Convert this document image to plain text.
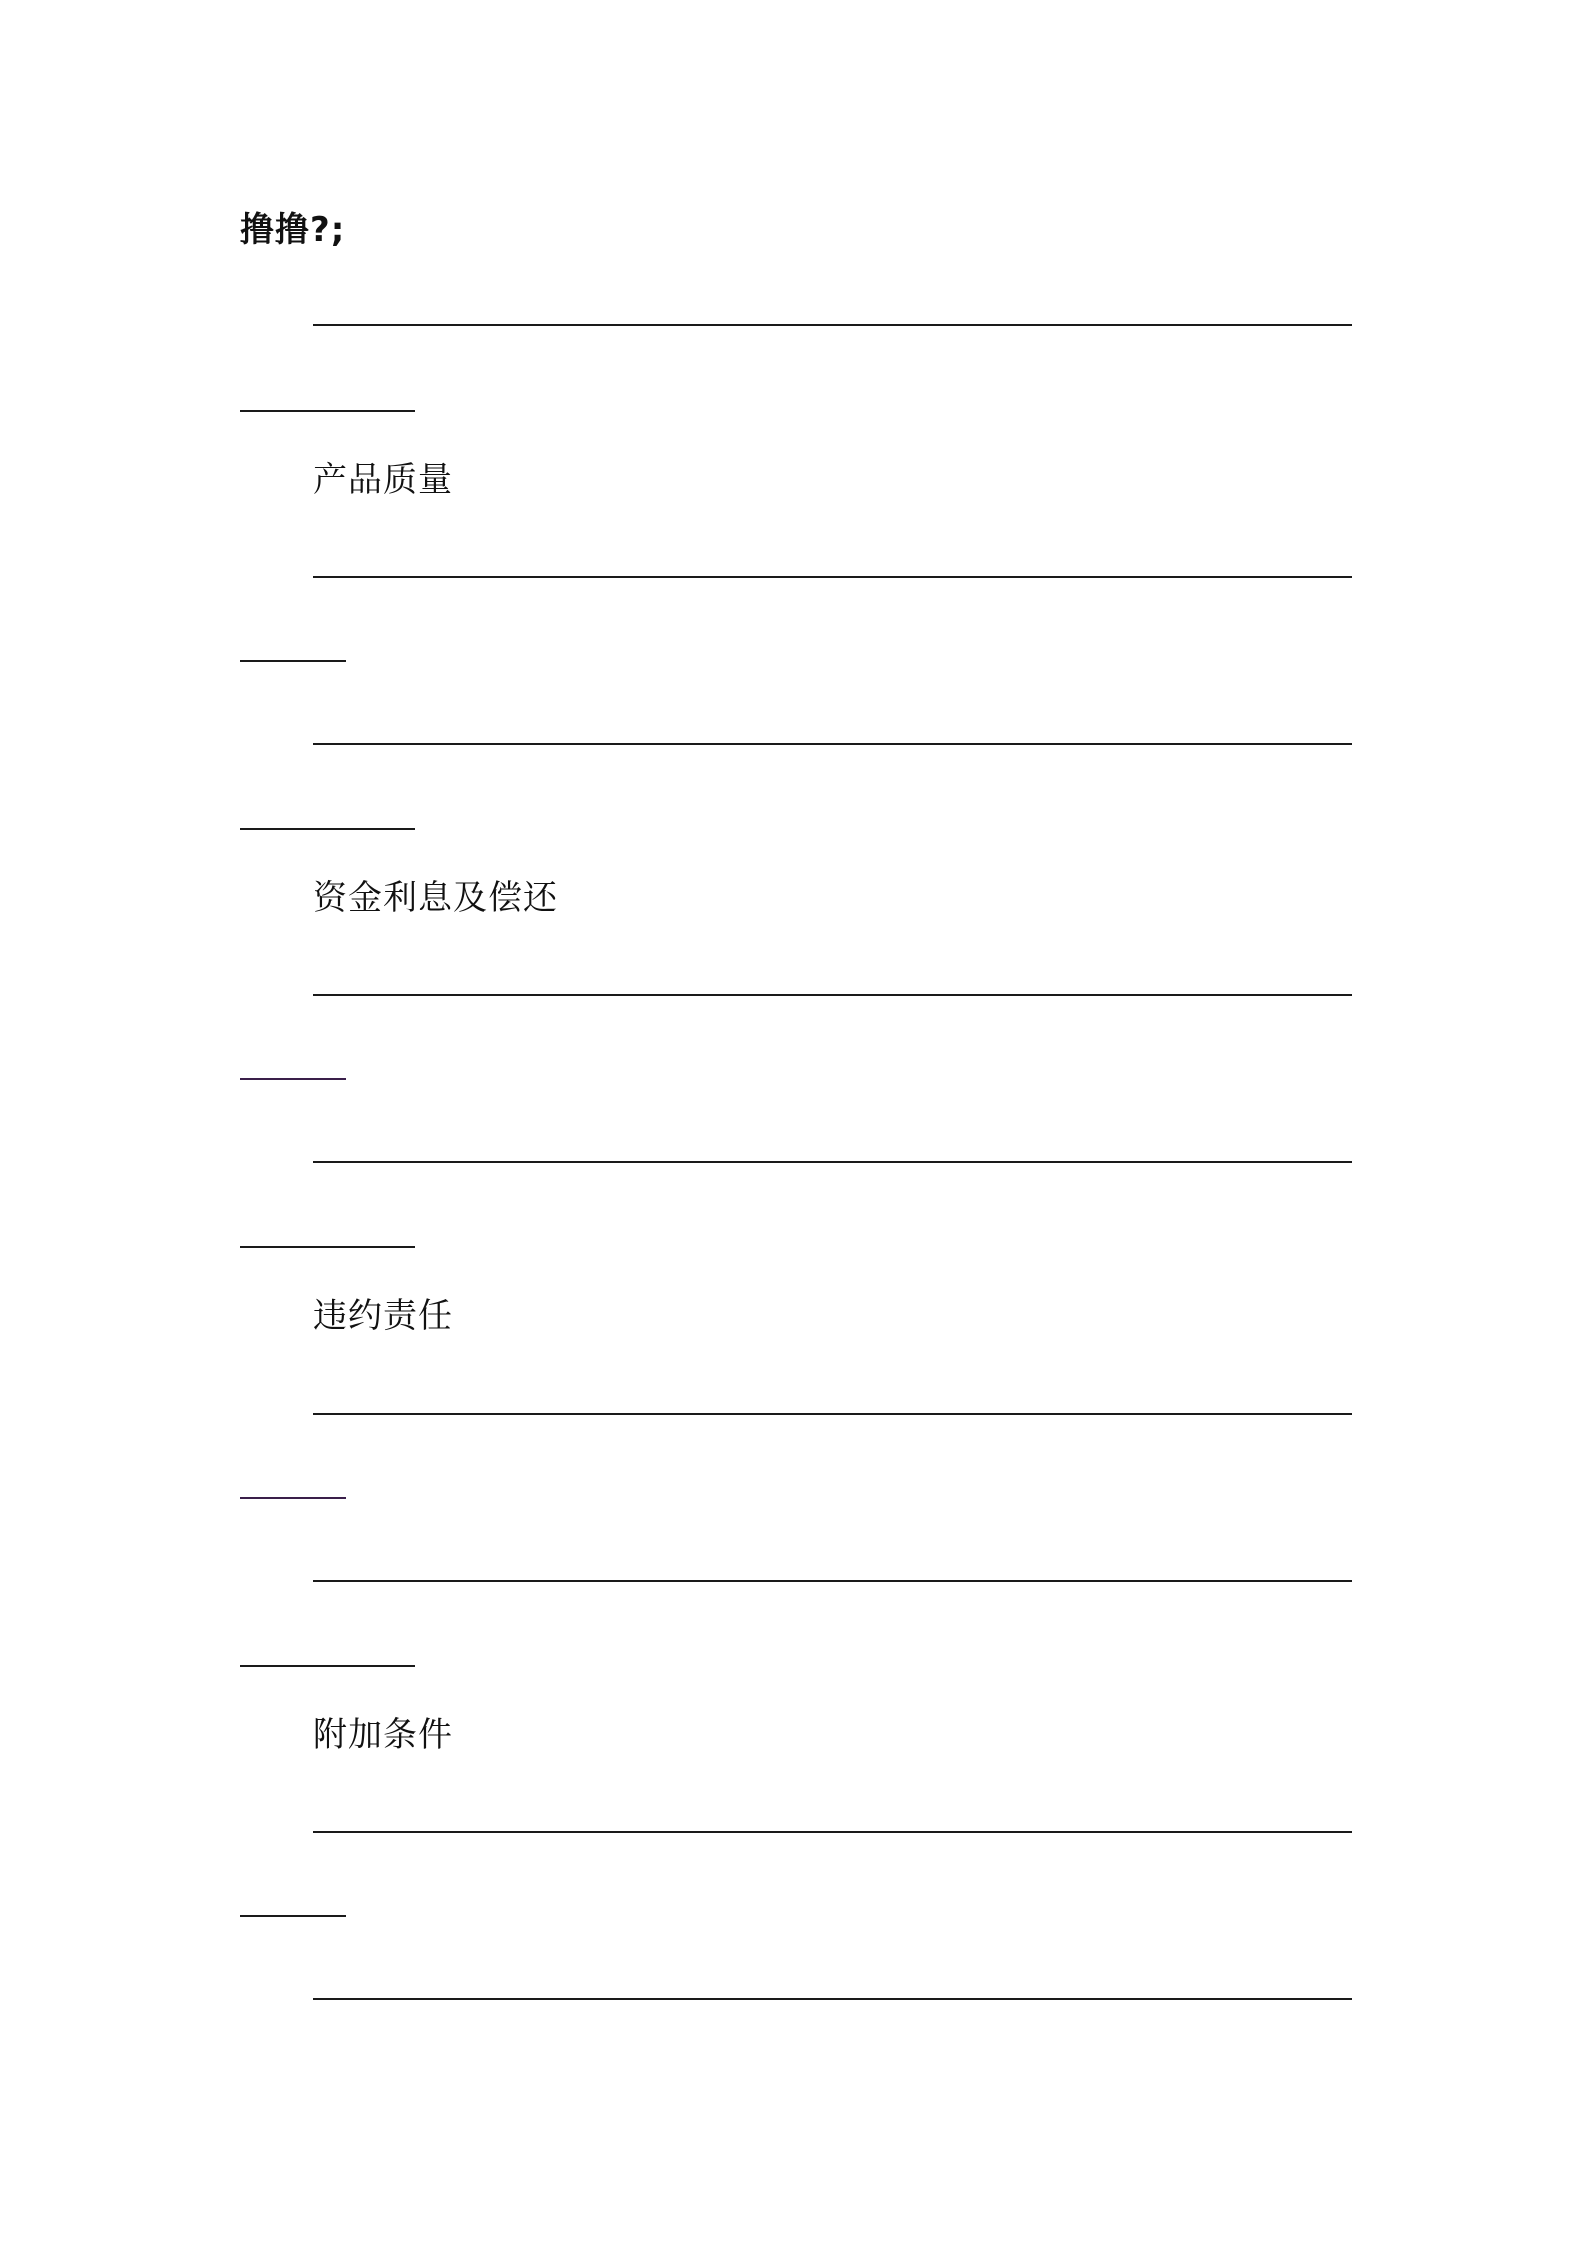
撸撸?;
产品质量
资金利息及偿还
违约责任
附加条件
